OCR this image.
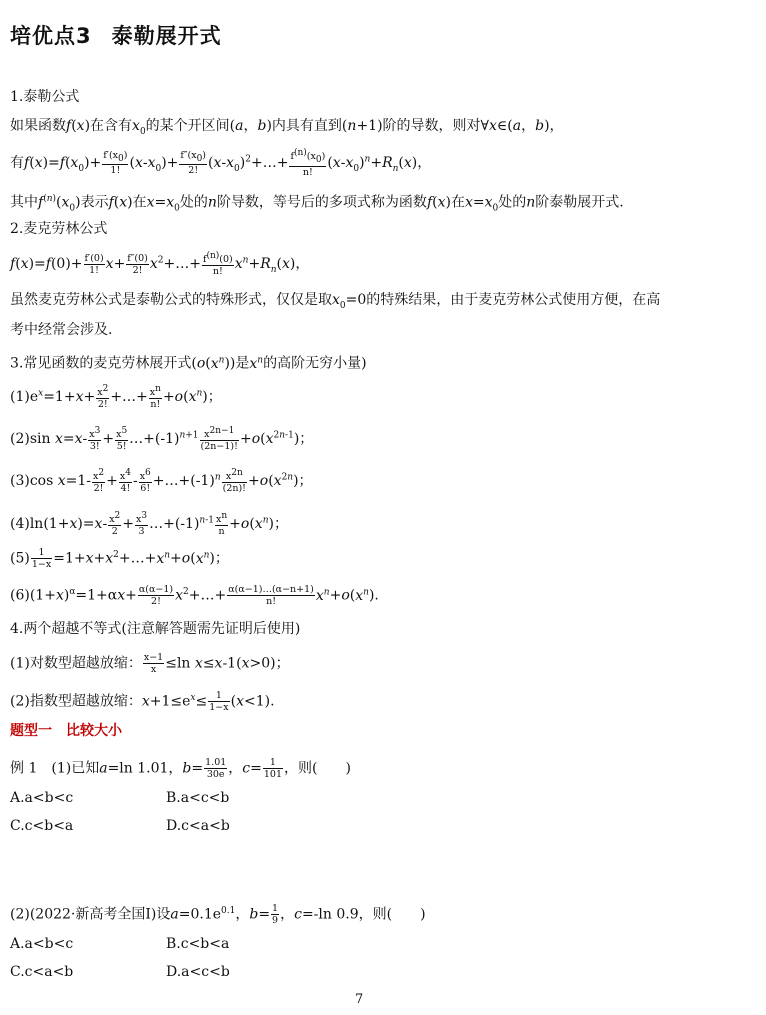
培优点3 泰勒展开式
1.泰勒公式
如果函数f(x)在含有$x_0$的某个开区间(a，b)内具有直到(n+1)阶的导数，则对∀x∈(a，b)，
有$f(x)=f(x_0)+ \frac{f'(x_0)}{1!} (x-x_0)+ \frac{f''(x_0)}{2!}$ $(x-x_0)^2+\dots+ \frac{f^{(n)}(x_0)}{n!} (x-x_0)^n+R_n(x)$，
其中$f^{(n)}(x_0)$表示f(x)在$x=x_0$处的n阶导数，等号后的多项式称为函数f(x)在$x=x_0$处的n阶泰勒展开式.
2.麦克劳林公式
$f(x)=f(0)+ \frac{f'(0)}{1!} x+ \frac{f''(0)}{2!}$ $x^2+\dots+ \frac{f^{(n)}(0)}{n!} x^n+R_n(x)$，
虽然麦克劳林公式是泰勒公式的特殊形式，仅仅是取$x_0=0$的特殊结果，由于麦克劳林公式使用方便，在高
考中经常会涉及.
3.常见函数的麦克劳林展开式$(o(x^n))$是$x^n$的高阶无穷小量)
$(1)e^x=1+x+ \frac{x^2}{2!}$ +…+ $\frac{x^n}{n!} +o(x^n)$；
(2)sin $x=x- \frac{x^3}{3!} + \frac{x^5}{5!}$ $\dots+(-1)^{n+1} \frac{x^{2n-1}}{(2n-1)!} +o(x^{2n-1})$；
(3)cos $x=1- \frac{x^2}{2!} + \frac{x^4}{4!} - \frac{x^6}{6!}$ $+\dots+(-1)^n \frac{x^{2n}}{(2n)!} +o(x^{2n})$；
$(4)\ln(1+x)=x- \frac{x^2}{2} + \frac{x^3}{3}$ $\dots+(-1)^{n-1} \frac{x^n}{n} +o(x^n)$；
$(5) \frac{1}{1-x}$ $=1+x+x^2+\dots+x^n+o(x^n)$；
$(6)(1+x)^\alpha=1+\alpha x+ \frac{\alpha(\alpha-1)}{2!}$ $x^2+\dots+ \frac{\alpha(\alpha-1)\dots(\alpha-n+1)}{n!} x^n+o(x^n)$.
4.两个超越不等式(注意解答题需先证明后使用)
(1)对数型超越放缩： $\frac{x-1}{x} \le\ln$ x≤x-1(x>0)；
(2)指数型超越放缩：$x+1\le e^x\le \frac{1}{1-x} (x<1)$.
题型一　比较大小
例 1　(1)已知a=ln 1.01，$b= \frac{1.01}{30e}$ ，$c= \frac{1}{101}$ ，则(　　)
A.a<b<c	B.a<c<b
C.c<b<a	D.c<a<b
(2)(2022·新高考全国Ⅰ)设$a=0.1e^{0.1}$，$b= \frac{1}{9}$ ，c=-ln 0.9，则(　　)
A.a<b<c	B.c<b<a
C.c<a<b	D.a<c<b
7
